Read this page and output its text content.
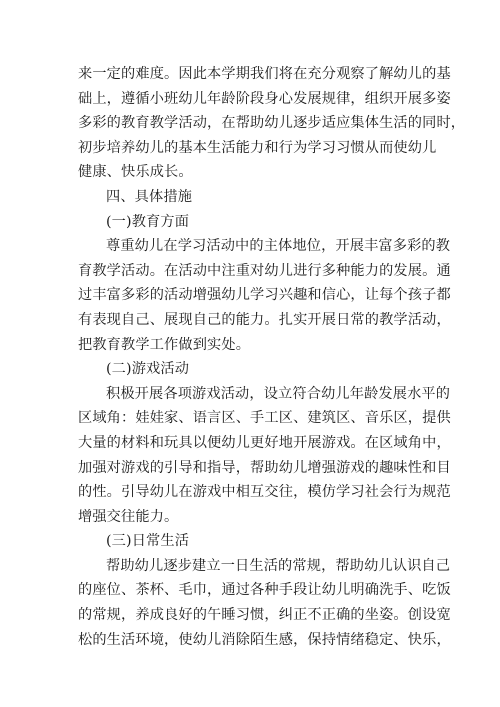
来一定的难度。因此本学期我们将在充分观察了解幼儿的基
础上，遵循小班幼儿年龄阶段身心发展规律，组织开展多姿
多彩的教育教学活动，在帮助幼儿逐步适应集体生活的同时，
初步培养幼儿的基本生活能力和行为学习习惯从而使幼儿
健康、快乐成长。
四、具体措施
(一)教育方面
尊重幼儿在学习活动中的主体地位，开展丰富多彩的教
育教学活动。在活动中注重对幼儿进行多种能力的发展。通
过丰富多彩的活动增强幼儿学习兴趣和信心，让每个孩子都
有表现自己、展现自己的能力。扎实开展日常的教学活动，
把教育教学工作做到实处。
(二)游戏活动
积极开展各项游戏活动，设立符合幼儿年龄发展水平的
区域角：娃娃家、语言区、手工区、建筑区、音乐区，提供
大量的材料和玩具以便幼儿更好地开展游戏。在区域角中，
加强对游戏的引导和指导，帮助幼儿增强游戏的趣味性和目
的性。引导幼儿在游戏中相互交往，模仿学习社会行为规范
增强交往能力。
(三)日常生活
帮助幼儿逐步建立一日生活的常规，帮助幼儿认识自己
的座位、茶杯、毛巾，通过各种手段让幼儿明确洗手、吃饭
的常规，养成良好的午睡习惯，纠正不正确的坐姿。创设宽
松的生活环境，使幼儿消除陌生感，保持情绪稳定、快乐，
